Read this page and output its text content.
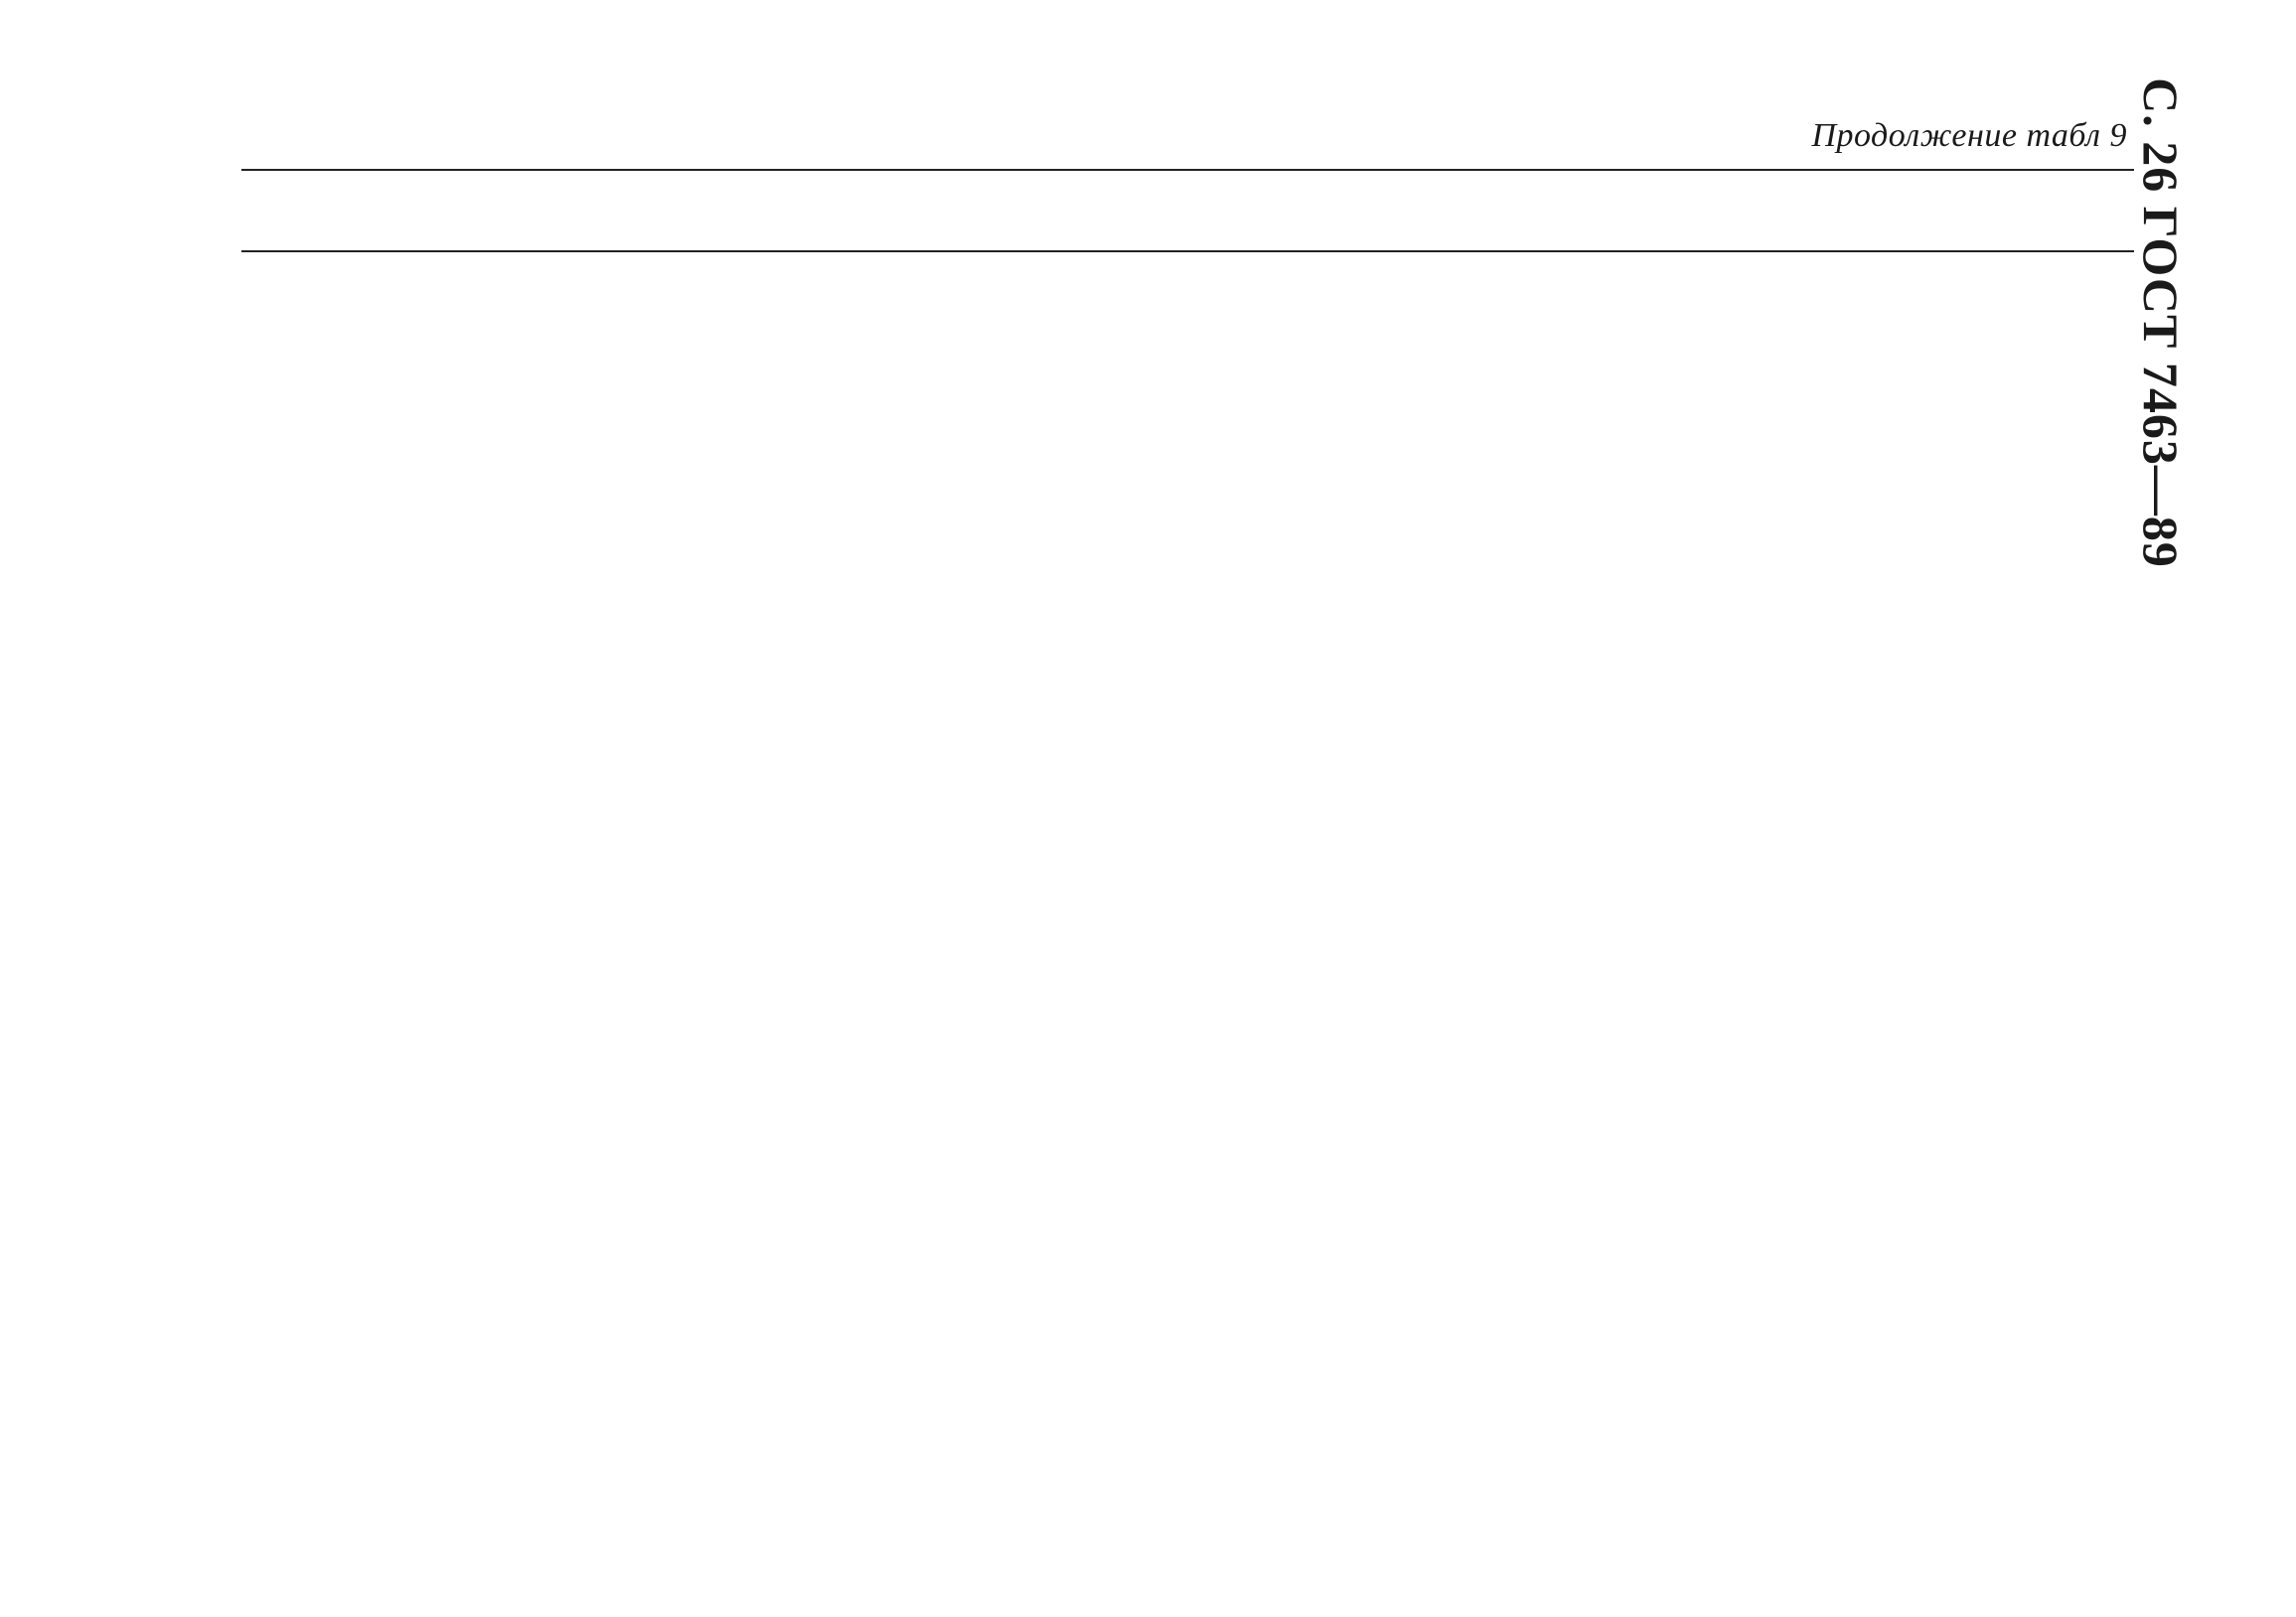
Продолжение табл 9 С. 26 ГОСТ 7463—89
